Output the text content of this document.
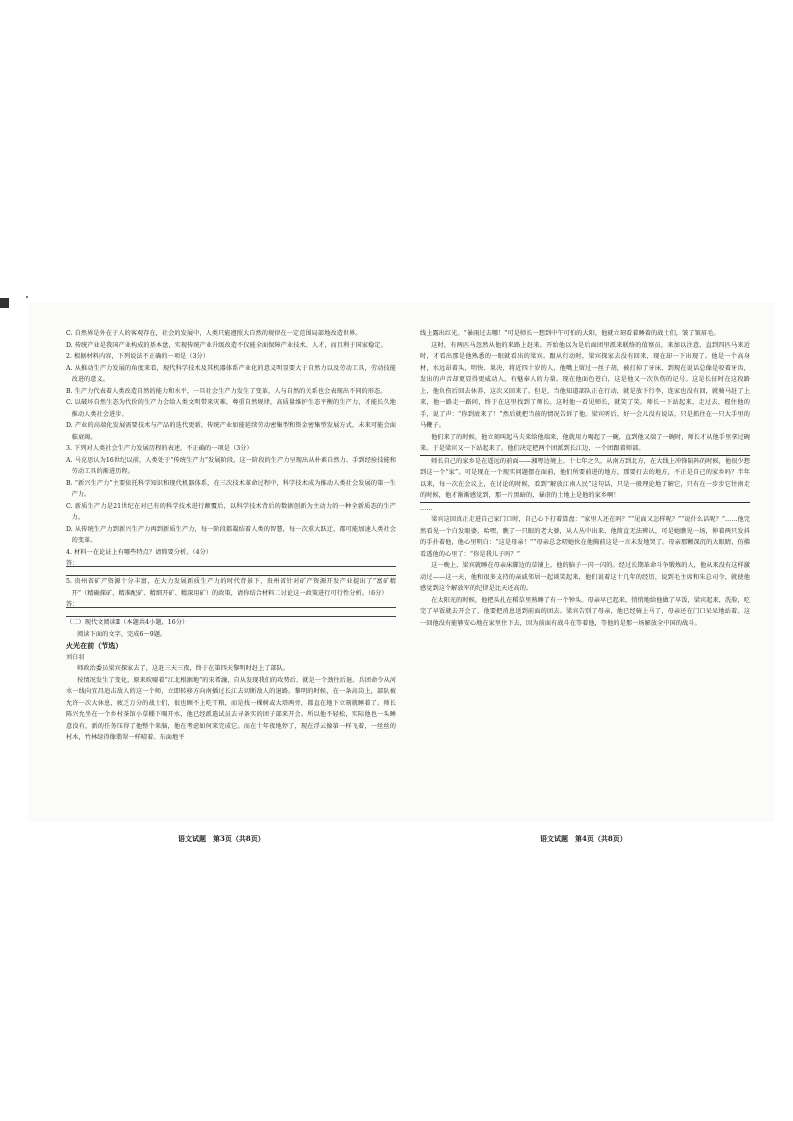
C. 自然界是外在于人的客观存在，社会的发展中，人类只能遵照大自然的规律在一定范围局部地改造世界。

D. 传统产业是我国产业构成的基本盘，实现传统产业升级改造不仅能全面保障产业技术、人才，而且利于国家稳定。

2. 根据材料内容，下列说法不正确的一项是（3分）

A. 从推动生产力发展的角度来看，现代科学技术及其机器体系产业化的意义明显要大于自然力以及劳动工具，劳动技能改进的意义。

B. 生产力代表着人类改造自然的能力和水平，一旦社会生产力发生了变革，人与自然的关系也会表现出不同的形态。

C. 以破坏自然生态为代价的生产力会给人类文明带来灾难，尊重自然规律，高质量维护生态平衡的生产力，才能长久地推动人类社会进步。

D. 产业的高端化发展需要技术与产品的迭代更新，传统产业如能延续劳动密集型和资金密集型发展方式，未来可能会面临衰竭。

3. 下列对人类社会生产力发展历程的表述，不正确的一项是（3分）

A. 马克思认为16世纪以前，人类处于“传统生产力”发展阶段，这一阶段的生产力呈现出从朴素自然力、手到经验技能和劳动工具的渐进历程。

B. “新兴生产力”主要依托科学知识和现代机器体系，在三次技术革命过程中，科学技术成为推动人类社会发展的第一生产力。

C. 新质生产力是21世纪在对已有的科学技术进行颠覆后，以科学技术背后的数据创新为主动力的一种全新质态的生产力。

D. 从传统生产力到新兴生产力再到新质生产力，每一阶段都凝结着人类的智慧，每一次重大跃迁，都可能加速人类社会的变革。

4. 材料一在论证上有哪些特点？请简要分析。（4分）

答：

5. 贵州省矿产资源十分丰富，在大力发展新质生产力的时代背景下，贵州省针对矿产资源开发产业提出了“富矿精开”（精确探矿、精准配矿、精细开矿、精深用矿）的政策，请你结合材料二讨论这一政策进行可行性分析。（6分）

答：

（二）现代文阅读Ⅱ（本题共4小题，16分）

阅读下面的文字，完成6～9题。

火光在前（节选）

刘白羽

师政治委员梁宾探家去了，这赶三天三夜，终于在第四天黎明时赶上了部队。

按情况发生了变化，原来吹嘘着“江北根据地”的宋希濂，自从发现我们的攻势后，就是一个劲往后退。兵团命令从河水一线向宜昌追击敌人的这一个师，立即转移方向南插过长江去切断敌人的退路。黎明的时候，在一条高岗上，部队被允许一次大休息，疲乏万分的战士们，很也顾不上吃干粮，而是找一棵树或大塔两旁，都直在地下立刻就睡着了。师长陈兴允坐在一个乡村茶馆小草棚下喝开水，他已经派遣试员去寻条实的团子部来开会。所以他不轻松，实际他也一头睡意没有，新的任务压得了他整个来脑，他在考虑如何来完成它。而在十年夜地停了，现在浮云像第一样飞着，一丝丝的村木，竹林绿得像翡翠一样晴着。东面地平

线上露出红光。“暴雨过去哪！”可是师长一想到中午可怕的大阳，他就立刻看着睡着的战士们，皱了皱眉毛。

这时，有两匹马忽然从他的来路上赶来。开始他以为是后面团里派来联络的值察员，来加以注意，直到四匹马来近时，才看出那是他熟悉的一眼就看出的梁宾。跟从行动时，梁宾探家去没有回来，现在却一下出现了。他是一个高身材，水远昂着头，明快、果决，将近四十岁的人，他嘴上留过一丝子胡，被打掉了牙床，到现在说话总像是咬着牙齿，发出的声音却更显得更威动人，有魅奉人的力量。现在他面色苍白，这是他又一次负伤的记号。这是长征时在这段路上，他负伤后回去休养，这次又回来了。但是，当他知道部队正在行动，就是放下行李，连家也没有回，就骑马赶了上来，他一路走一路问，终于在这里找到了师长。这时他一看见师长，就笑了笑。师长一下站起来，走过去，握住他的手，说了声：“你到底来了！”然后就把当前的情况告诉了他。梁宾听后，好一会儿没有说话，只是抓住在一只大手里的马鞭子。

他们来了的时候，他立刻叫起马夫来给他端来，他就用力喝起了一碗，直到他又端了一碗时，师长才从他手里拿过碗来。于是梁宾又一下站起来了。他们决定把两个团派到长江边，一个团跟着师部。

师长自己的家乡是在遥远的前面——湘粤边境上。十七年之久，从南方到北方，在大线上冲锋陷阵的时候，他很少想到这一个“家”。可是现在一个现实问题摆在面前，他们所要前进的地方，那要打去的地方，不正是自己的家乡吗？半年以来，每一次在会议上，在讨论的时候，看到“解放江南人民”这句话，只是一般理论地了解它，只有在一步步它往南走的时候，他才渐渐感觉到，那一片黑暗的，暴虐的土地上是他的家乡啊！

……

梁宾这回真正走进自己家门口时，自己心下打着算盘：“家里人还在吗？”“见面又怎样呢？”“说什么话呢？”……他完然看见一个白发眼婆，哈嘿，瞧了一只眼的老大婆，从人丛中出来，他简直无法辨认，可是她瞧见一场，伸着两只发抖的手扑着他，他心里明白：“这是母亲！”“母亲总念叨她伙在他胸前这是一言未发地哭了。母亲那颗深沉的大眼睛，仿佛看透他的心里了：“你是我儿子吗？”

这一晚上，梁宾就睡在母亲床脚边的草铺上，他的脑子一闪一闪的。经过长期革命斗争锻炼的人，他从来没有这样激动过——这一天，他和很多支持的亲戚邻居一起谈笑起来，他们说着这十几年的经历，说到毛主席和朱总司令，就使他感觉到这个解放军的纪律是比天还高的。

在太阳光的时候，他把头扎在稻草里熟睡了有一个钟头。母亲早已起来，悄悄地给他做了早饭，梁宾起来，洗脸，吃完了早饭就去开会了，他要把消息送到前面的团去。梁宾告别了母亲，他已经骑上马了，母亲还在门口呆呆地站着。这一回他没有能够安心地在家里住下去，因为前面有战斗在等着他，等他的是那一场解放全中国的战斗。

语文试题　第3页（共8页）	语文试题　第4页（共8页）
